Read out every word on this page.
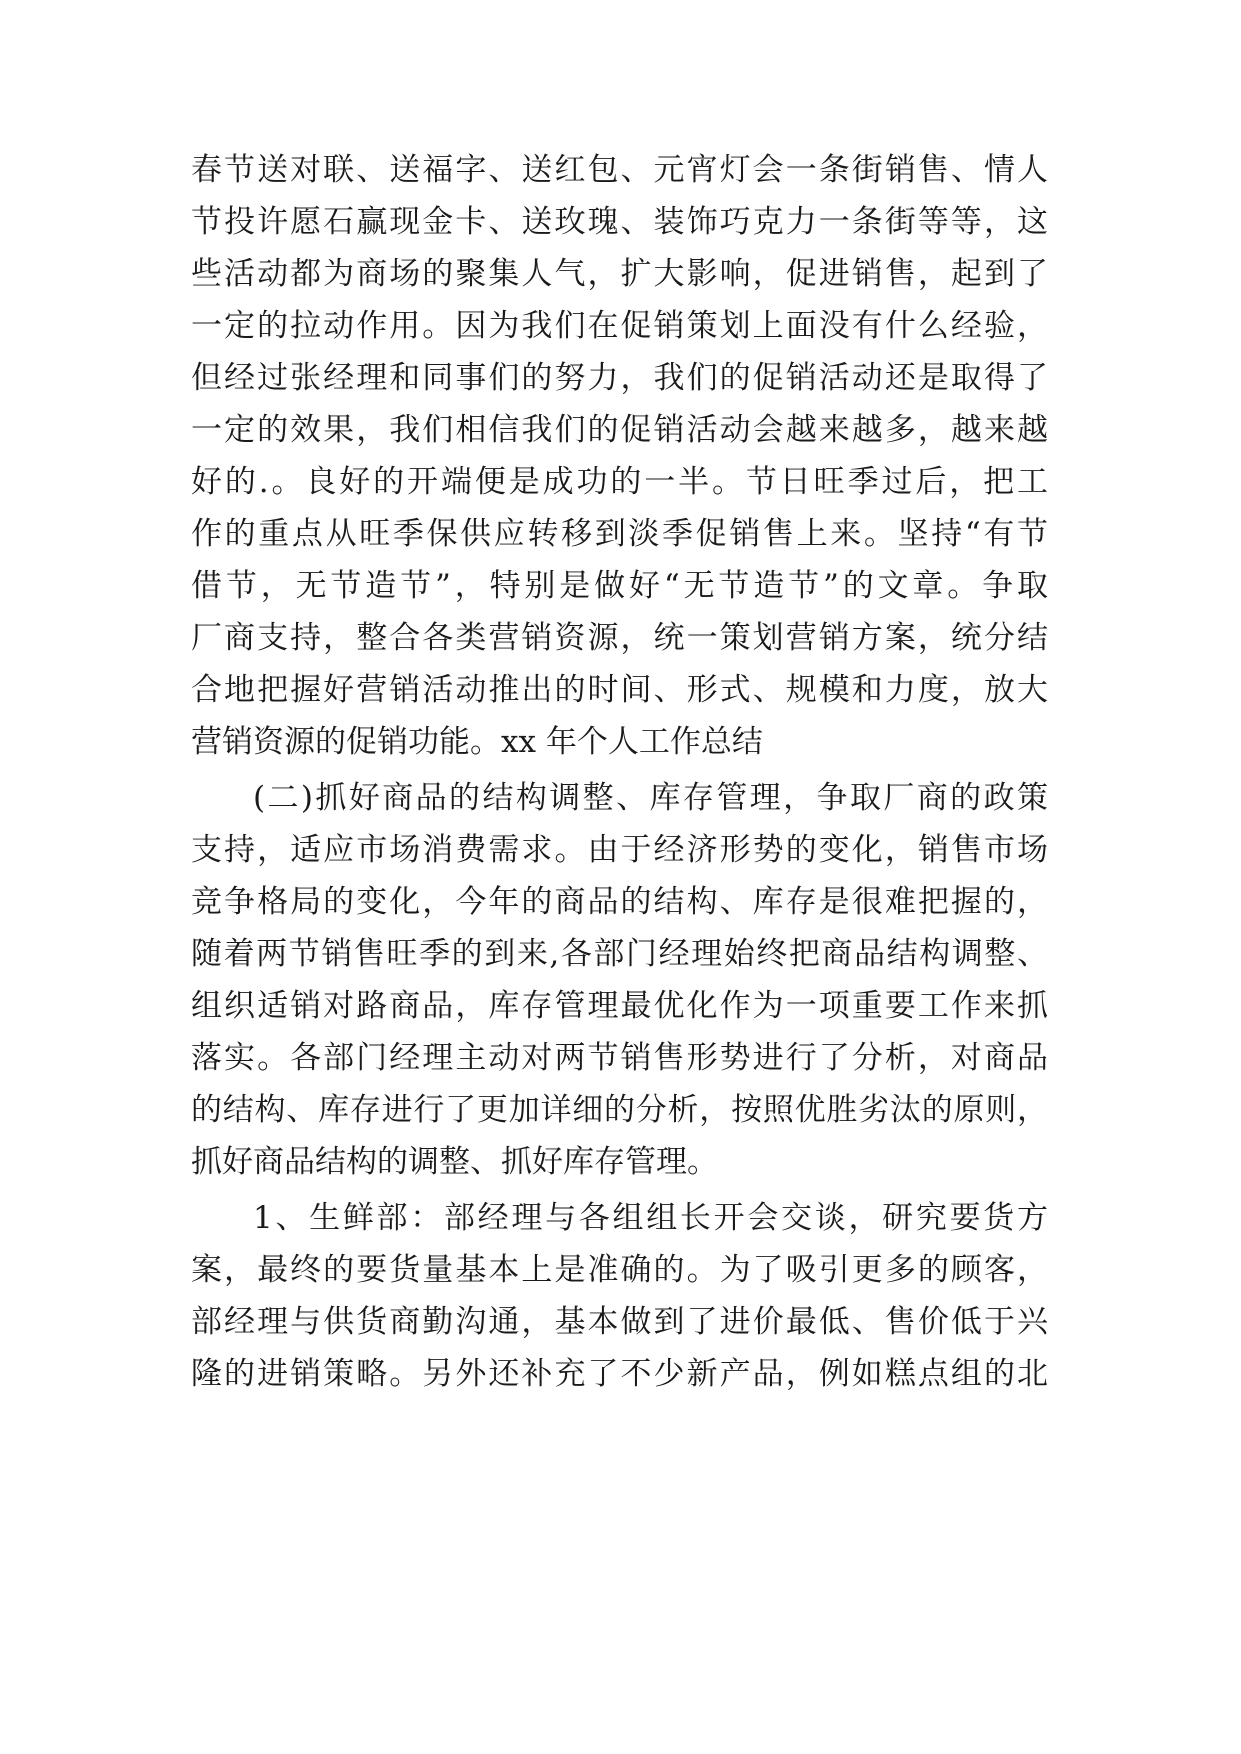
春节送对联、送福字、送红包、元宵灯会一条街销售、情人
节投许愿石赢现金卡、送玫瑰、装饰巧克力一条街等等，这
些活动都为商场的聚集人气，扩大影响，促进销售，起到了
一定的拉动作用。因为我们在促销策划上面没有什么经验，
但经过张经理和同事们的努力，我们的促销活动还是取得了
一定的效果，我们相信我们的促销活动会越来越多，越来越
好的.。良好的开端便是成功的一半。节日旺季过后，把工
作的重点从旺季保供应转移到淡季促销售上来。坚持“有节
借节，无节造节”，特别是做好“无节造节”的文章。争取
厂商支持，整合各类营销资源，统一策划营销方案，统分结
合地把握好营销活动推出的时间、形式、规模和力度，放大
营销资源的促销功能。xx 年个人工作总结
(二)抓好商品的结构调整、库存管理，争取厂商的政策
支持，适应市场消费需求。由于经济形势的变化，销售市场
竞争格局的变化，今年的商品的结构、库存是很难把握的，
随着两节销售旺季的到来,各部门经理始终把商品结构调整、
组织适销对路商品，库存管理最优化作为一项重要工作来抓
落实。各部门经理主动对两节销售形势进行了分析，对商品
的结构、库存进行了更加详细的分析，按照优胜劣汰的原则，
抓好商品结构的调整、抓好库存管理。
1、生鲜部：部经理与各组组长开会交谈，研究要货方
案，最终的要货量基本上是准确的。为了吸引更多的顾客，
部经理与供货商勤沟通，基本做到了进价最低、售价低于兴
隆的进销策略。另外还补充了不少新产品，例如糕点组的北
